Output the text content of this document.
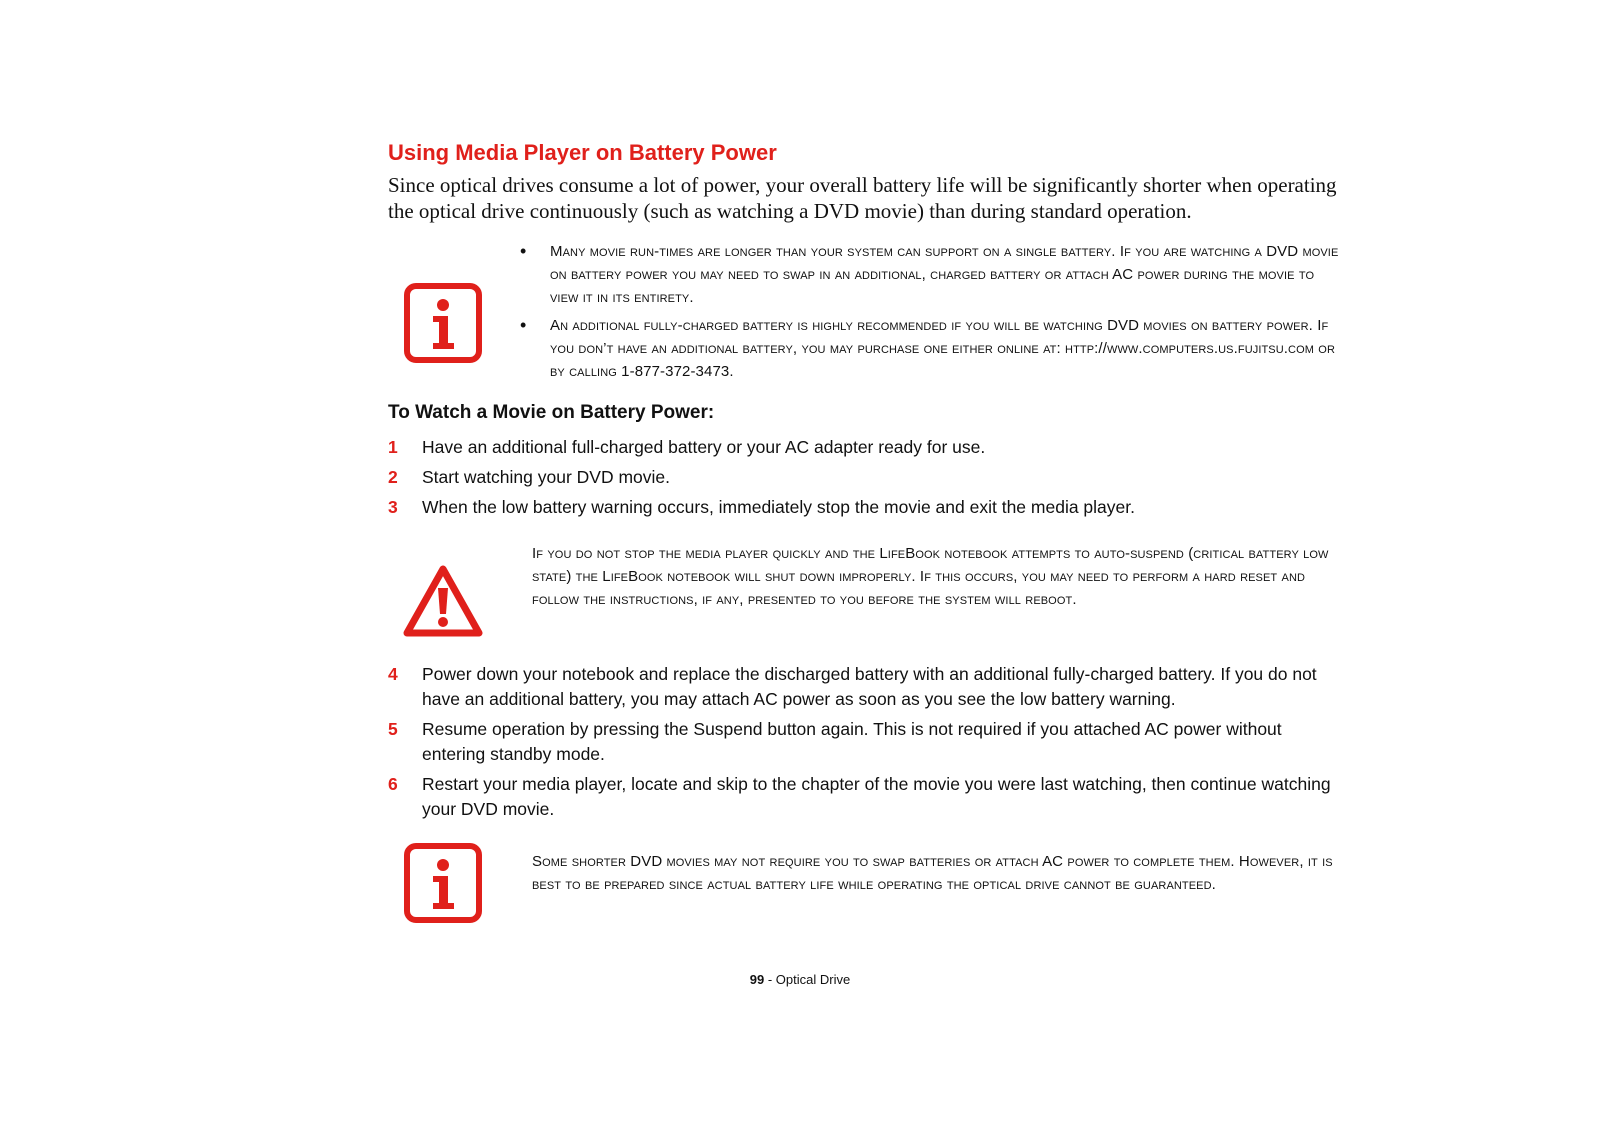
Using Media Player on Battery Power
Since optical drives consume a lot of power, your overall battery life will be significantly shorter when operating the optical drive continuously (such as watching a DVD movie) than during standard operation.
• Many movie run-times are longer than your system can support on a single battery. If you are watching a DVD movie on battery power you may need to swap in an additional, charged battery or attach AC power during the movie to view it in its entirety.

• An additional fully-charged battery is highly recommended if you will be watching DVD movies on battery power. If you don’t have an additional battery, you may purchase one either online at: http://www.computers.us.fujitsu.com or by calling 1-877-372-3473.

To Watch a Movie on Battery Power:
1 Have an additional full-charged battery or your AC adapter ready for use.
2 Start watching your DVD movie.
3 When the low battery warning occurs, immediately stop the movie and exit the media player.

If you do not stop the media player quickly and the LifeBook notebook attempts to auto-suspend (critical battery low state) the LifeBook notebook will shut down improperly. If this occurs, you may need to perform a hard reset and follow the instructions, if any, presented to you before the system will reboot.

4 Power down your notebook and replace the discharged battery with an additional fully-charged battery. If you do not have an additional battery, you may attach AC power as soon as you see the low battery warning.
5 Resume operation by pressing the Suspend button again. This is not required if you attached AC power without entering standby mode.
6 Restart your media player, locate and skip to the chapter of the movie you were last watching, then continue watching your DVD movie.

Some shorter DVD movies may not require you to swap batteries or attach AC power to complete them. However, it is best to be prepared since actual battery life while operating the optical drive cannot be guaranteed.

99 - Optical Drive
